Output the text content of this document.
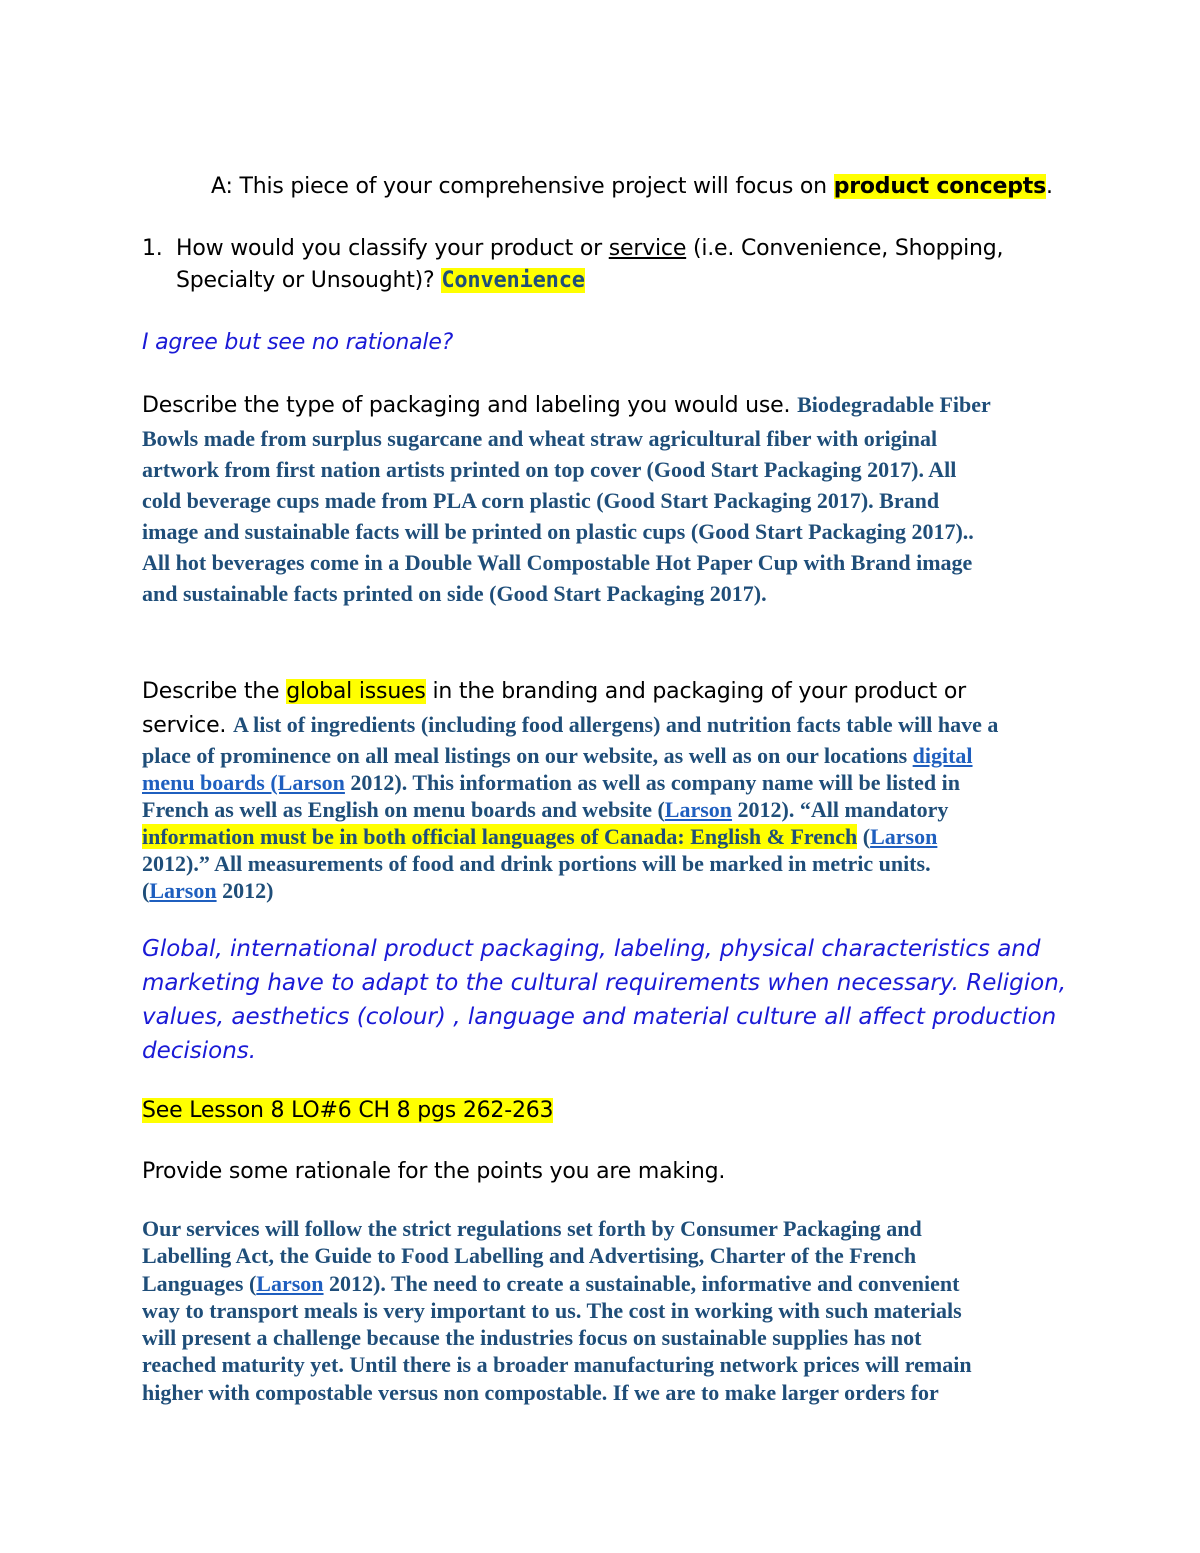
A: This piece of your comprehensive project will focus on product concepts.
1. How would you classify your product or service (i.e. Convenience, Shopping,
Specialty or Unsought)? Convenience
I agree but see no rationale?
Describe the type of packaging and labeling you would use. Biodegradable Fiber
Bowls made from surplus sugarcane and wheat straw agricultural fiber with original
artwork from first nation artists printed on top cover (Good Start Packaging 2017). All
cold beverage cups made from PLA corn plastic (Good Start Packaging 2017). Brand
image and sustainable facts will be printed on plastic cups (Good Start Packaging 2017)..
All hot beverages come in a Double Wall Compostable Hot Paper Cup with Brand image
and sustainable facts printed on side (Good Start Packaging 2017).
Describe the global issues in the branding and packaging of your product or
service. A list of ingredients (including food allergens) and nutrition facts table will have a
place of prominence on all meal listings on our website, as well as on our locations digital
menu boards (Larson 2012). This information as well as company name will be listed in
French as well as English on menu boards and website (Larson 2012). “All mandatory
information must be in both official languages of Canada: English & French (Larson
2012).” All measurements of food and drink portions will be marked in metric units.
(Larson 2012)
Global, international product packaging, labeling, physical characteristics and
marketing have to adapt to the cultural requirements when necessary. Religion,
values, aesthetics (colour) , language and material culture all affect production
decisions.
See Lesson 8 LO#6 CH 8 pgs 262-263
Provide some rationale for the points you are making.
Our services will follow the strict regulations set forth by Consumer Packaging and
Labelling Act, the Guide to Food Labelling and Advertising, Charter of the French
Languages (Larson 2012). The need to create a sustainable, informative and convenient
way to transport meals is very important to us. The cost in working with such materials
will present a challenge because the industries focus on sustainable supplies has not
reached maturity yet. Until there is a broader manufacturing network prices will remain
higher with compostable versus non compostable. If we are to make larger orders for
